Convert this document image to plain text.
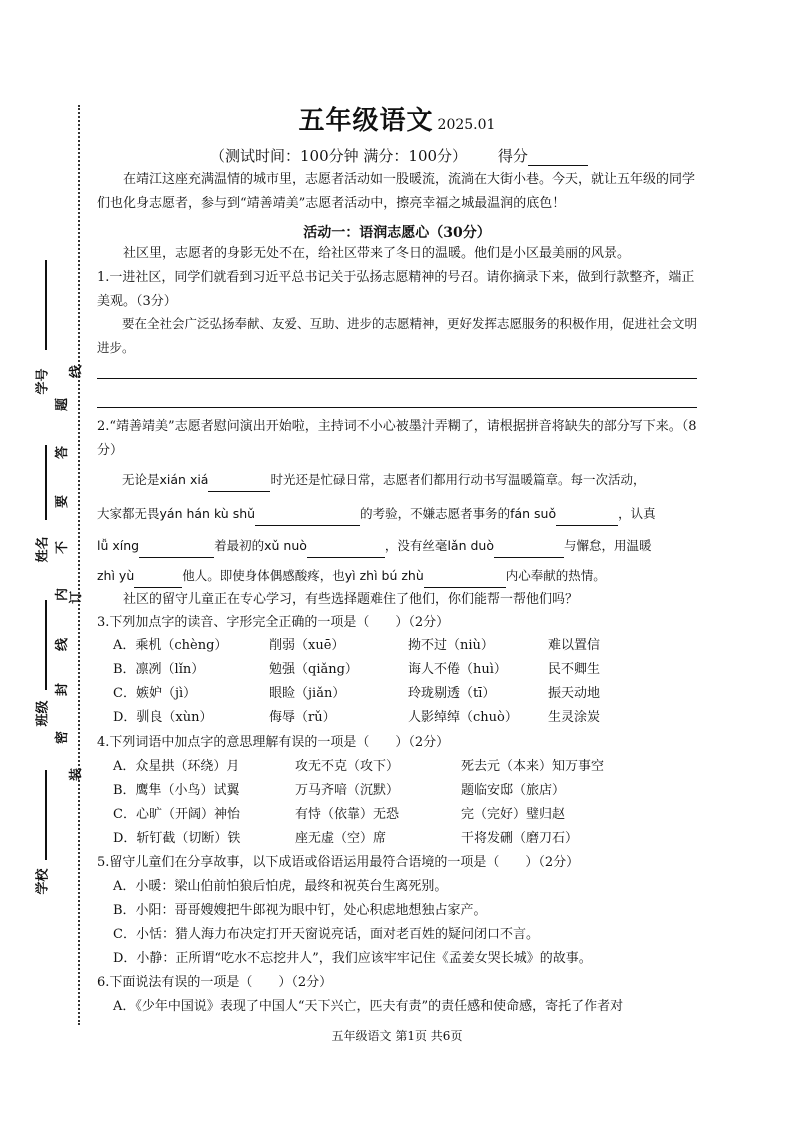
学号
姓名
班级
学校
密
封
线
内
不
要
答
题
线
订
装
五年级语文 2025.01
（测试时间：100分钟 满分：100分） 得分
在靖江这座充满温情的城市里，志愿者活动如一股暖流，流淌在大街小巷。今天，就让五年级的同学们也化身志愿者，参与到“靖善靖美”志愿者活动中，擦亮幸福之城最温润的底色！
活动一：语润志愿心（30分）
社区里，志愿者的身影无处不在，给社区带来了冬日的温暖。他们是小区最美丽的风景。
1.一进社区，同学们就看到习近平总书记关于弘扬志愿精神的号召。请你摘录下来，做到行款整齐，端正美观。（3分）
要在全社会广泛弘扬奉献、友爱、互助、进步的志愿精神，更好发挥志愿服务的积极作用，促进社会文明进步。
2.“靖善靖美”志愿者慰问演出开始啦，主持词不小心被墨汁弄糊了，请根据拼音将缺失的部分写下来。（8分）
无论是xián xiá	时光还是忙碌日常，志愿者们都用行动书写温暖篇章。每一次活动，
大家都无畏yán hán kù shǔ	的考验，不嫌志愿者事务的fán suǒ	，认真
lǚ xíng	着最初的xǔ nuò	，没有丝毫lǎn duò	与懈怠，用温暖
zhì yù	他人。即使身体偶感酸疼，也yì zhì bú zhù	内心奉献的热情。
社区的留守儿童正在专心学习，有些选择题难住了他们，你们能帮一帮他们吗？
3.下列加点字的读音、字形完全正确的一项是（　　）（2分）
A．乘机（chèng）	削弱（xuē）	拗不过（niù）	难以置信
B．凛冽（lǐn）	勉强（qiǎng）	诲人不倦（huì）	民不卿生
C．嫉妒（jì）	眼睑（jiǎn）	玲珑剔透（tī）	振天动地
D．驯良（xùn）	侮辱（rǔ）	人影绰绰（chuò） 生灵涂炭
4.下列词语中加点字的意思理解有误的一项是（　　）（2分）
A．众星拱（环绕）月	攻无不克（攻下）	死去元（本来）知万事空
B．鹰隼（小鸟）试翼	万马齐喑（沉默）	题临安邸（旅店）
C．心旷（开阔）神怡	有恃（依靠）无恐	完（完好）璧归赵
D．斩钉截（切断）铁	座无虚（空）席	干将发硎（磨刀石）
5.留守儿童们在分享故事，以下成语或俗语运用最符合语境的一项是（　　）（2分）
A．小暖：梁山伯前怕狼后怕虎，最终和祝英台生离死别。
B．小阳：哥哥嫂嫂把牛郎视为眼中钉，处心积虑地想独占家产。
C．小恬：猎人海力布决定打开天窗说亮话，面对老百姓的疑问闭口不言。
D．小静：正所谓“吃水不忘挖井人”，我们应该牢牢记住《孟姜女哭长城》的故事。
6.下面说法有误的一项是（　　）（2分）
A．《少年中国说》表现了中国人“天下兴亡，匹夫有责”的责任感和使命感，寄托了作者对
五年级语文 第1页 共6页
